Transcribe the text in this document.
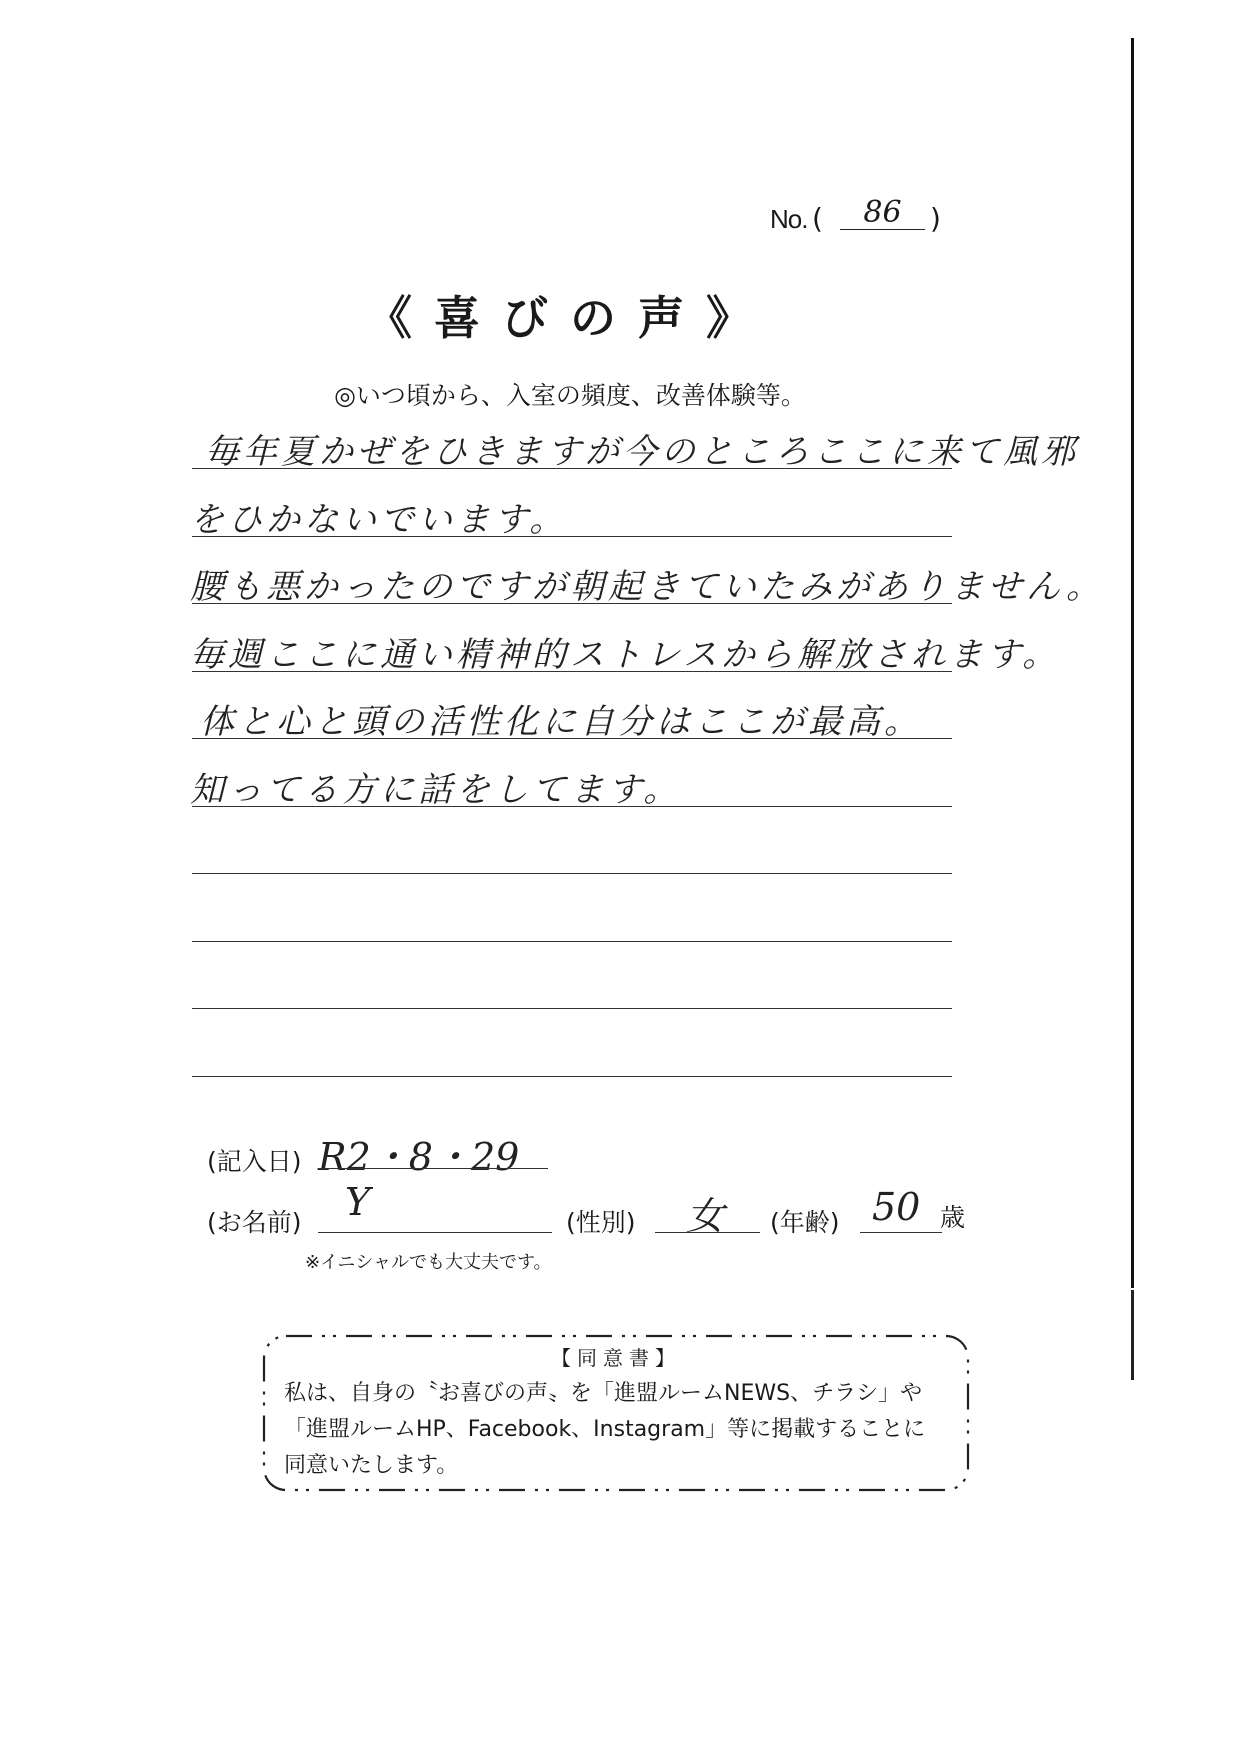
No. (	86	)
《喜びの声》
◎いつ頃から、入室の頻度、改善体験等。
毎年夏かぜをひきますが今のところここに来て風邪
をひかないでいます。
腰も悪かったのですが朝起きていたみがありません。
毎週ここに通い精神的ストレスから解放されます。
体と心と頭の活性化に自分はここが最高。
知ってる方に話をしてます。
(記入日) R2・8・29
(お名前) Y	(性別) 女 (年齢) 50 歳
※イニシャルでも大丈夫です。
【同意書】
私は、自身の〝お喜びの声〟を「進盟ルームNEWS、チラシ」や
「進盟ルームHP、Facebook、Instagram」等に掲載することに
同意いたします。
